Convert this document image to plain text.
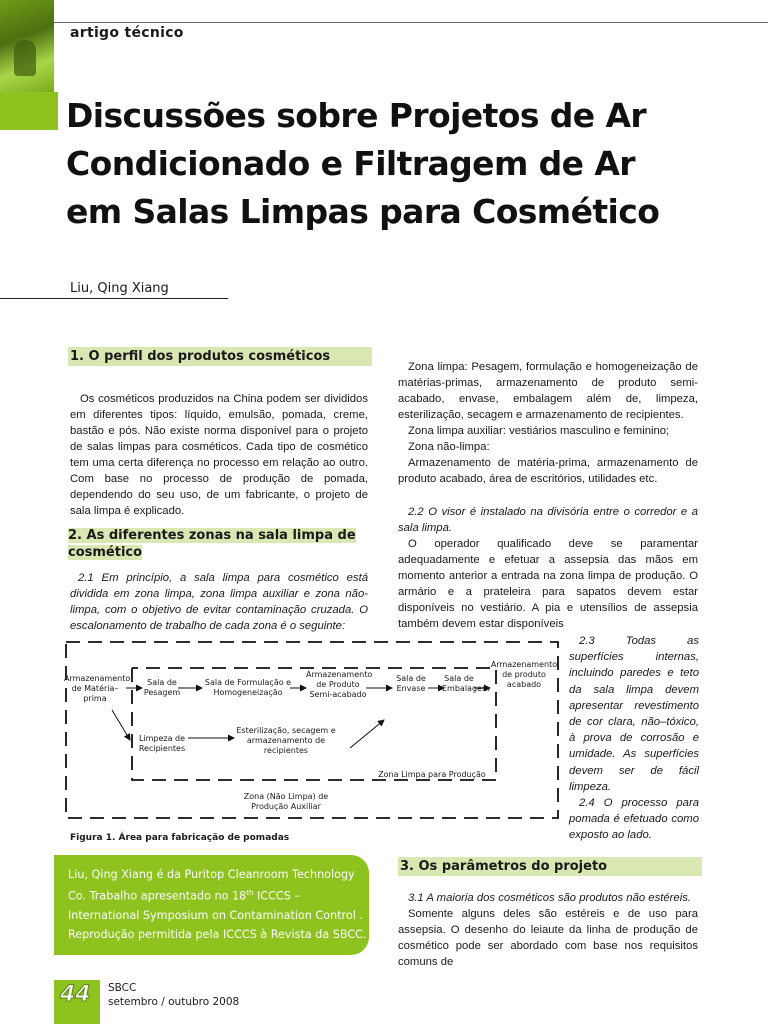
artigo técnico
Discussões sobre Projetos de Ar
Condicionado e Filtragem de Ar
em Salas Limpas para Cosmético
Liu, Qing Xiang
1. O perfil dos produtos cosméticos

Os cosméticos produzidos na China podem ser divididos em diferentes tipos: líquido, emulsão, pomada, creme, bastão e pós. Não existe norma disponível para o projeto de salas limpas para cosméticos. Cada tipo de cosmético tem uma certa diferença no processo em relação ao outro. Com base no processo de produção de pomada, dependendo do seu uso, de um fabricante, o projeto de sala limpa é explicado.

2. As diferentes zonas na sala limpa de
cosmético

2.1 Em princípio, a sala limpa para cosmético está dividida em zona limpa, zona limpa auxiliar e zona não-limpa, com o objetivo de evitar contaminação cruzada. O escalonamento de trabalho de cada zona é o seguinte:

Zona limpa: Pesagem, formulação e homogeneização de matérias-primas, armazenamento de produto semi-acabado, envase, embalagem além de, limpeza, esterilização, secagem e armazenamento de recipientes.

Zona limpa auxiliar: vestiários masculino e feminino;

Zona não-limpa:

Armazenamento de matéria-prima, armazenamento de produto acabado, área de escritórios, utilidades etc.

2.2 O visor é instalado na divisória entre o corredor e a sala limpa.

O operador qualificado deve se paramentar adequadamente e efetuar a assepsia das mãos em momento anterior a entrada na zona limpa de produção. O armário e a prateleira para sapatos devem estar disponíveis no vestiário. A pia e utensílios de assepsia também devem estar disponíveis

2.3 Todas as superfícies internas, incluindo paredes e teto da sala limpa devem apresentar revestimento de cor clara, não–tóxico, à prova de corrosão e umidade. As superfícies devem ser de fácil limpeza.

2.4 O processo para pomada é efetuado como exposto ao lado.

Armazenamento de Matéria–prima
Sala de Pesagem
Sala de Formulação e Homogeneização
Armazenamento de Produto Semi-acabado
Sala de Envase
Sala de Embalagem
Armazenamento de produto acabado
Limpeza de Recipientes
Esterilização, secagem e armazenamento de recipientes
Zona Limpa para Produção
Zona (Não Limpa) de Produção Auxiliar
Figura 1. Área para fabricação de pomadas
Liu, Qing Xiang é da Puritop Cleanroom Technology
Co. Trabalho apresentado no 18th ICCCS –
International Symposium on Contamination Control .
Reprodução permitida pela ICCCS à Revista da SBCC.
3. Os parâmetros do projeto

3.1 A maioria dos cosméticos são produtos não estéreis.

Somente alguns deles são estéreis e de uso para assepsia. O desenho do leiaute da linha de produção de cosmético pode ser abordado com base nos requisitos comuns de

44 SBCC
setembro / outubro 2008
